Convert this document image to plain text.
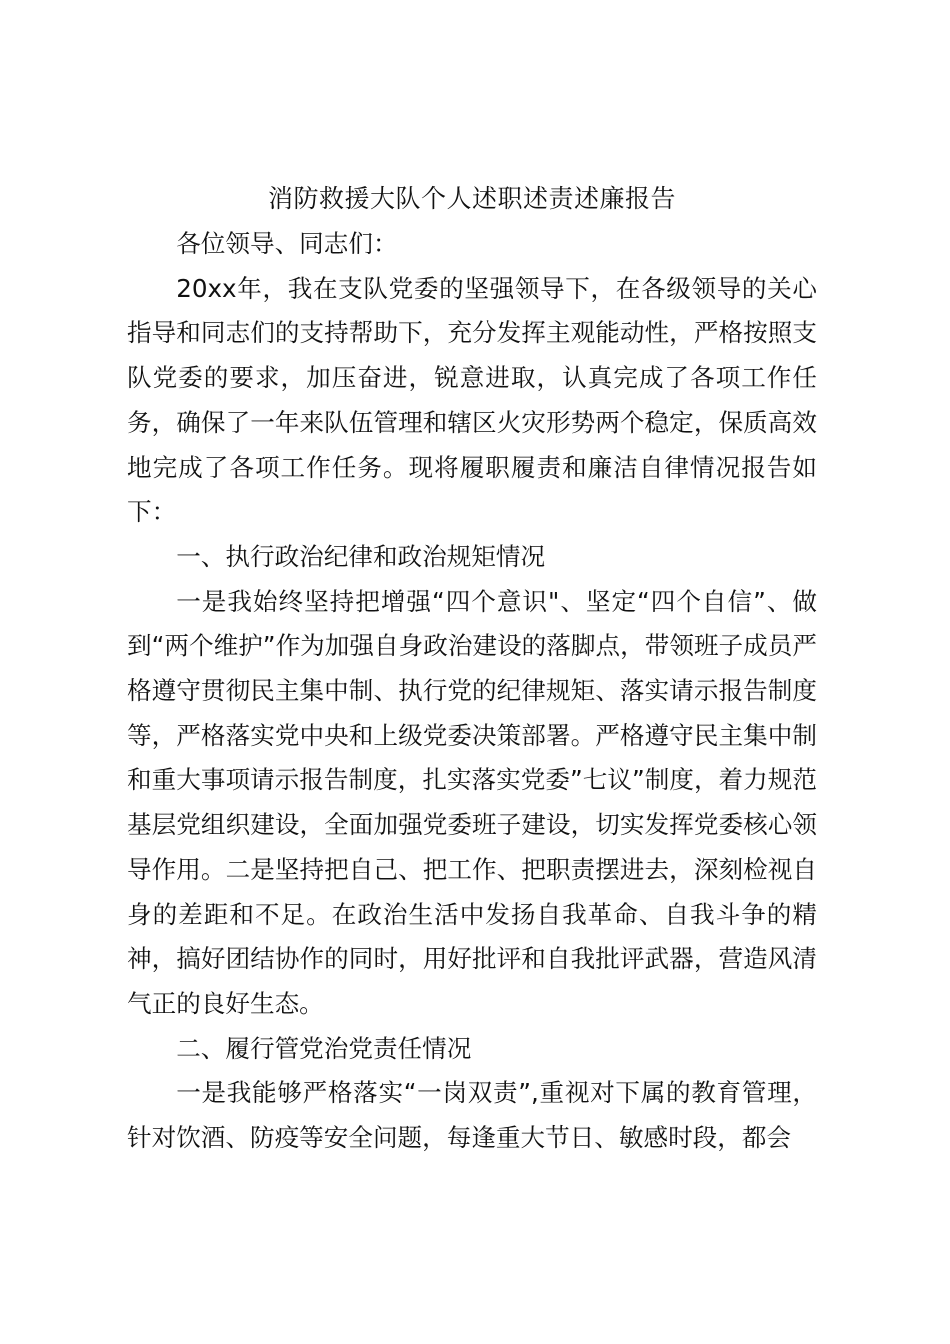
消防救援大队个人述职述责述廉报告

各位领导、同志们：

20xx年，我在支队党委的坚强领导下，在各级领导的关心指导和同志们的支持帮助下，充分发挥主观能动性，严格按照支队党委的要求，加压奋进，锐意进取，认真完成了各项工作任务，确保了一年来队伍管理和辖区火灾形势两个稳定，保质高效地完成了各项工作任务。现将履职履责和廉洁自律情况报告如下：

一、执行政治纪律和政治规矩情况

一是我始终坚持把增强“四个意识"、坚定“四个自信”、做到“两个维护”作为加强自身政治建设的落脚点，带领班子成员严格遵守贯彻民主集中制、执行党的纪律规矩、落实请示报告制度等，严格落实党中央和上级党委决策部署。严格遵守民主集中制和重大事项请示报告制度，扎实落实党委”七议”制度，着力规范基层党组织建设，全面加强党委班子建设，切实发挥党委核心领导作用。二是坚持把自己、把工作、把职责摆进去，深刻检视自身的差距和不足。在政治生活中发扬自我革命、自我斗争的精神，搞好团结协作的同时，用好批评和自我批评武器，营造风清气正的良好生态。

二、履行管党治党责任情况

一是我能够严格落实“一岗双责”,重视对下属的教育管理，针对饮酒、防疫等安全问题，每逢重大节日、敏感时段，都会
